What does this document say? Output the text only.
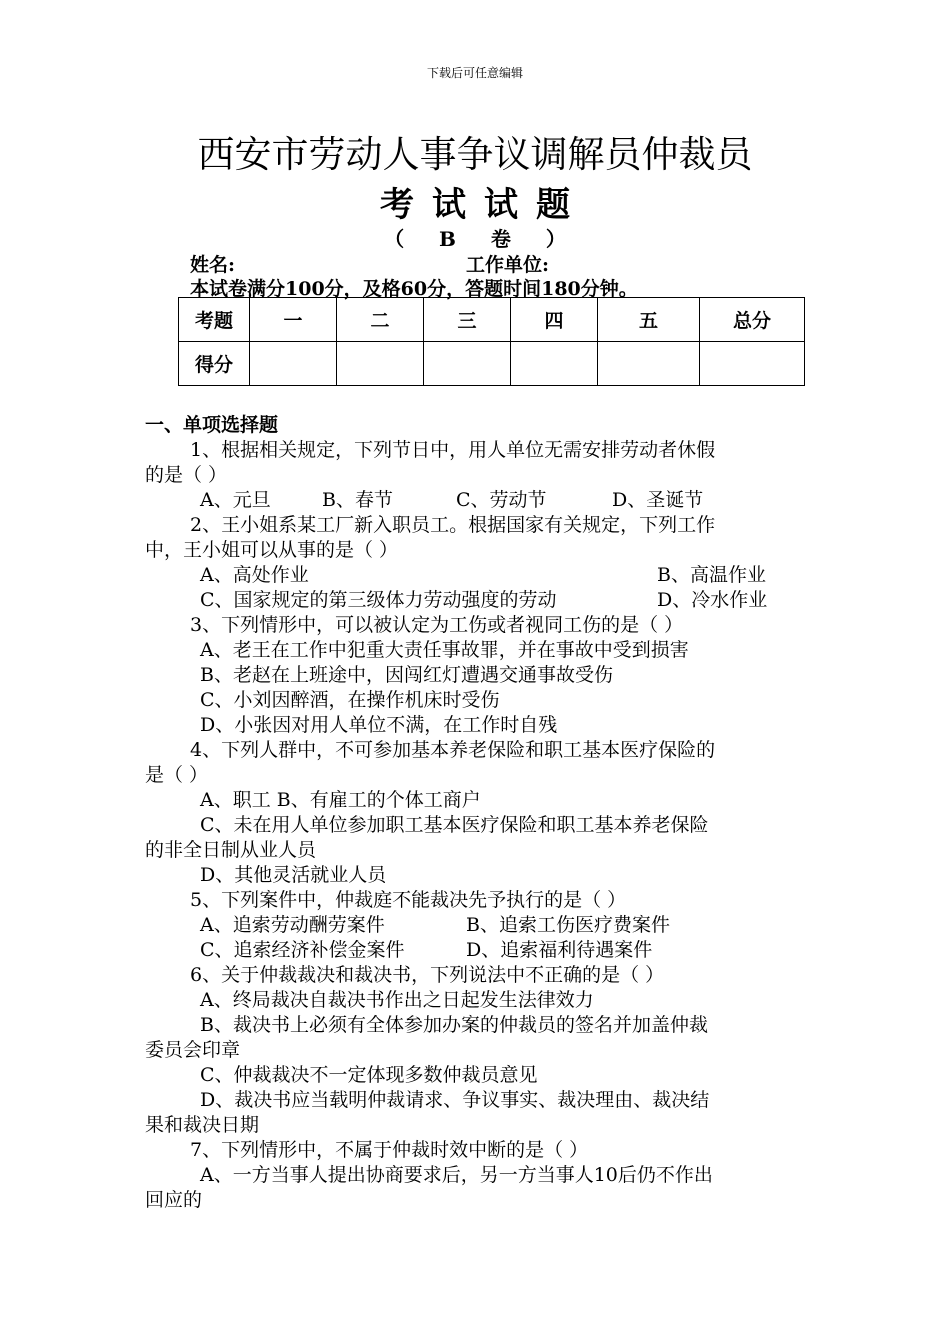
下载后可任意编辑
西安市劳动人事争议调解员仲裁员
考试试题
（ B 卷 ）
姓名:	工作单位:
本试卷满分100分，及格60分，答题时间180分钟。
考题	一	二	三	四	五	总分
得分						
一、单项选择题
1、根据相关规定，下列节日中，用人单位无需安排劳动者休假
的是（ ）
A、元旦	B、春节	C、劳动节	D、圣诞节
2、王小姐系某工厂新入职员工。根据国家有关规定，下列工作
中，王小姐可以从事的是（ ）
A、高处作业	B、高温作业
C、国家规定的第三级体力劳动强度的劳动	D、冷水作业
3、下列情形中，可以被认定为工伤或者视同工伤的是（ ）
A、老王在工作中犯重大责任事故罪，并在事故中受到损害
B、老赵在上班途中，因闯红灯遭遇交通事故受伤
C、小刘因醉酒，在操作机床时受伤
D、小张因对用人单位不满，在工作时自残
4、下列人群中，不可参加基本养老保险和职工基本医疗保险的
是（ ）
A、职工 B、有雇工的个体工商户
C、未在用人单位参加职工基本医疗保险和职工基本养老保险
的非全日制从业人员
D、其他灵活就业人员
5、下列案件中，仲裁庭不能裁决先予执行的是（ ）
A、追索劳动酬劳案件	B、追索工伤医疗费案件
C、追索经济补偿金案件	D、追索福利待遇案件
6、关于仲裁裁决和裁决书，下列说法中不正确的是（ ）
A、终局裁决自裁决书作出之日起发生法律效力
B、裁决书上必须有全体参加办案的仲裁员的签名并加盖仲裁
委员会印章
C、仲裁裁决不一定体现多数仲裁员意见
D、裁决书应当载明仲裁请求、争议事实、裁决理由、裁决结
果和裁决日期
7、下列情形中，不属于仲裁时效中断的是（ ）
A、一方当事人提出协商要求后，另一方当事人10后仍不作出
回应的
